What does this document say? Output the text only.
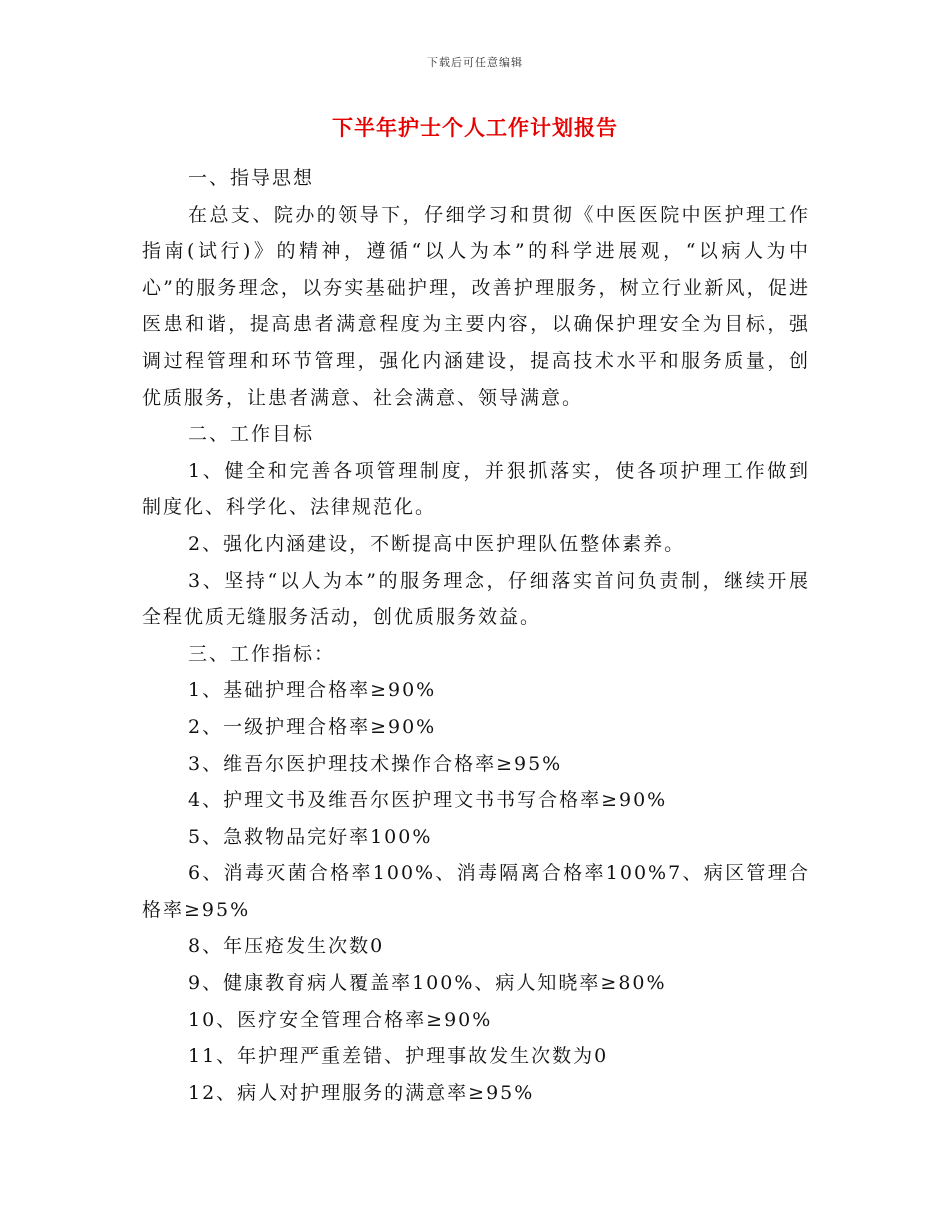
下载后可任意编辑
下半年护士个人工作计划报告

一、指导思想

在总支、院办的领导下，仔细学习和贯彻《中医医院中医护理工作指南(试行)》的精神，遵循“以人为本”的科学进展观，“以病人为中心”的服务理念，以夯实基础护理，改善护理服务，树立行业新风，促进医患和谐，提高患者满意程度为主要内容，以确保护理安全为目标，强调过程管理和环节管理，强化内涵建设，提高技术水平和服务质量，创优质服务，让患者满意、社会满意、领导满意。

二、工作目标

1、健全和完善各项管理制度，并狠抓落实，使各项护理工作做到制度化、科学化、法律规范化。

2、强化内涵建设，不断提高中医护理队伍整体素养。

3、坚持“以人为本”的服务理念，仔细落实首问负责制，继续开展全程优质无缝服务活动，创优质服务效益。

三、工作指标：

1、基础护理合格率≥90%

2、一级护理合格率≥90%

3、维吾尔医护理技术操作合格率≥95%

4、护理文书及维吾尔医护理文书书写合格率≥90%

5、急救物品完好率100%

6、消毒灭菌合格率100%、消毒隔离合格率100%7、病区管理合格率≥95%

8、年压疮发生次数0

9、健康教育病人覆盖率100%、病人知晓率≥80%

10、医疗安全管理合格率≥90%

11、年护理严重差错、护理事故发生次数为0

12、病人对护理服务的满意率≥95%
